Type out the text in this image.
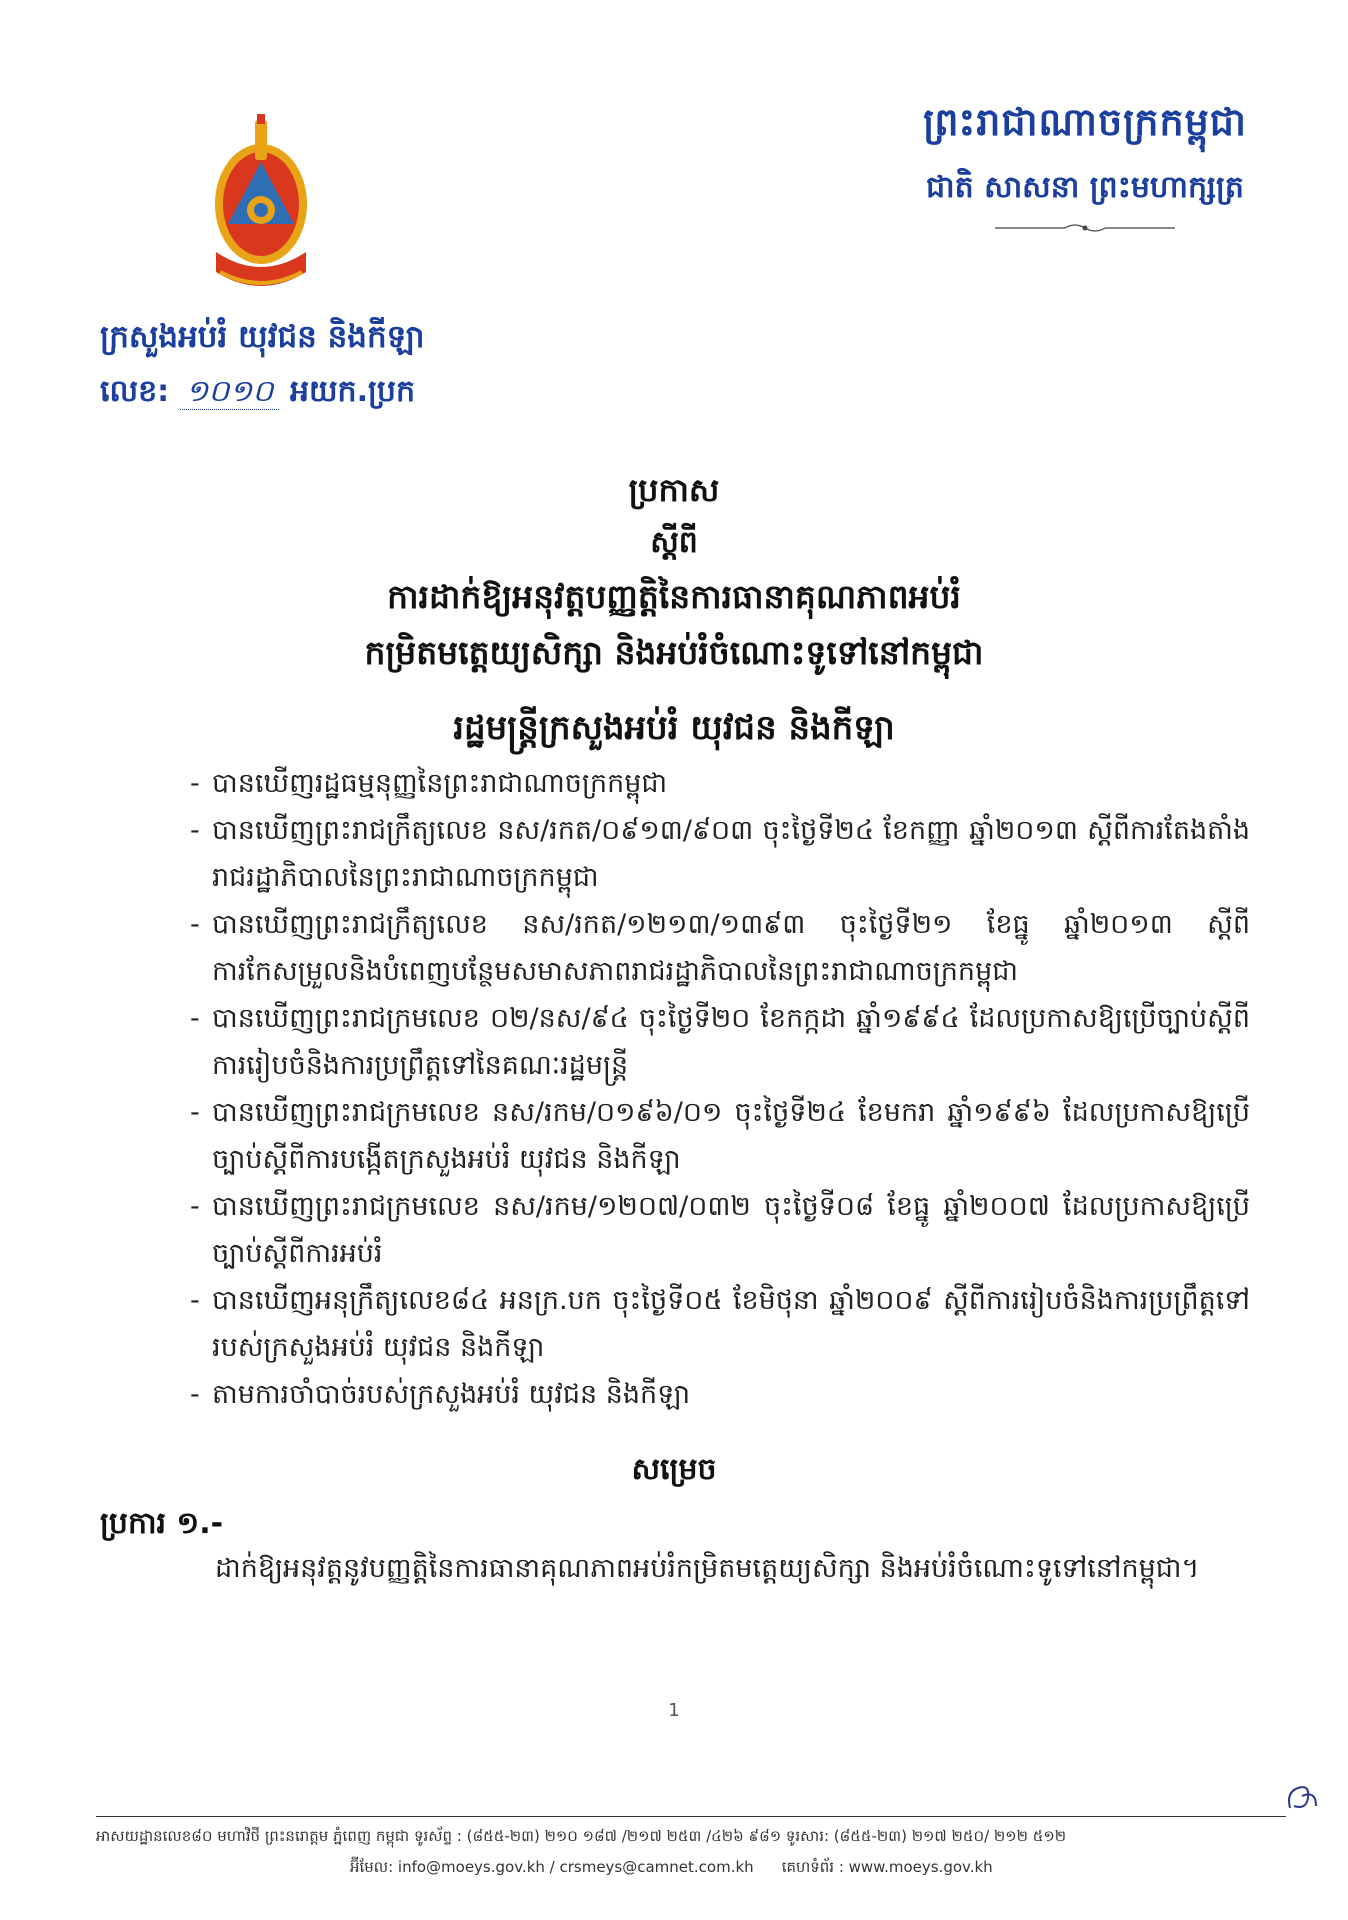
ព្រះរាជាណាចក្រកម្ពុជា
ជាតិ សាសនា ព្រះមហាក្សត្រ
ក្រសួងអប់រំ យុវជន និងកីឡា
លេខ: ១០១០ អយក.ប្រក
ប្រកាស
ស្តីពី
ការដាក់ឱ្យអនុវត្តបញ្ញត្តិនៃការធានាគុណភាពអប់រំ
កម្រិតមត្តេយ្យសិក្សា និងអប់រំចំណោះទូទៅនៅកម្ពុជា
រដ្ឋមន្ត្រីក្រសួងអប់រំ យុវជន និងកីឡា
- បានឃើញរដ្ឋធម្មនុញ្ញនៃព្រះរាជាណាចក្រកម្ពុជា
- បានឃើញព្រះរាជក្រឹត្យលេខ នស/រកត/០៩១៣/៩០៣ ចុះថ្ងៃទី២៤ ខែកញ្ញា ឆ្នាំ២០១៣ ស្តីពីការតែងតាំងរាជរដ្ឋាភិបាលនៃព្រះរាជាណាចក្រកម្ពុជា
- បានឃើញព្រះរាជក្រឹត្យលេខ នស/រកត/១២១៣/១៣៩៣ ចុះថ្ងៃទី២១ ខែធ្នូ ឆ្នាំ២០១៣ ស្តីពីការកែសម្រួលនិងបំពេញបន្ថែមសមាសភាពរាជរដ្ឋាភិបាលនៃព្រះរាជាណាចក្រកម្ពុជា
- បានឃើញព្រះរាជក្រមលេខ ០២/នស/៩៤ ចុះថ្ងៃទី២០ ខែកក្កដា ឆ្នាំ១៩៩៤ ដែលប្រកាសឱ្យប្រើច្បាប់ស្តីពីការរៀបចំនិងការប្រព្រឹត្តទៅនៃគណៈរដ្ឋមន្ត្រី
- បានឃើញព្រះរាជក្រមលេខ នស/រកម/០១៩៦/០១ ចុះថ្ងៃទី២៤ ខែមករា ឆ្នាំ១៩៩៦ ដែលប្រកាសឱ្យប្រើច្បាប់ស្តីពីការបង្កើតក្រសួងអប់រំ យុវជន និងកីឡា
- បានឃើញព្រះរាជក្រមលេខ នស/រកម/១២០៧/០៣២ ចុះថ្ងៃទី០៨ ខែធ្នូ ឆ្នាំ២០០៧ ដែលប្រកាសឱ្យប្រើច្បាប់ស្តីពីការអប់រំ
- បានឃើញអនុក្រឹត្យលេខ៨៤ អនក្រ.បក ចុះថ្ងៃទី០៥ ខែមិថុនា ឆ្នាំ២០០៩ ស្តីពីការរៀបចំនិងការប្រព្រឹត្តទៅរបស់ក្រសួងអប់រំ យុវជន និងកីឡា
- តាមការចាំបាច់របស់ក្រសួងអប់រំ យុវជន និងកីឡា
សម្រេច
ប្រការ ១.-
ដាក់ឱ្យអនុវត្តនូវបញ្ញត្តិនៃការធានាគុណភាពអប់រំកម្រិតមត្តេយ្យសិក្សា និងអប់រំចំណោះទូទៅនៅកម្ពុជា។
1
អាសយដ្ឋានលេខ៨០ មហាវិថី ព្រះនរោត្តម ភ្នំពេញ កម្ពុជា ទូរស័ព្ទ : (៨៥៥-២៣) ២១០ ១៨៧ /២១៧ ២៥៣ /៤២៦ ៩៨១ ទូរសារ: (៨៥៥-២៣) ២១៧ ២៥០/ ២១២ ៥១២
អ៊ីមែល: info@moeys.gov.kh / crsmeys@camnet.com.kh គេហទំព័រ : www.moeys.gov.kh
